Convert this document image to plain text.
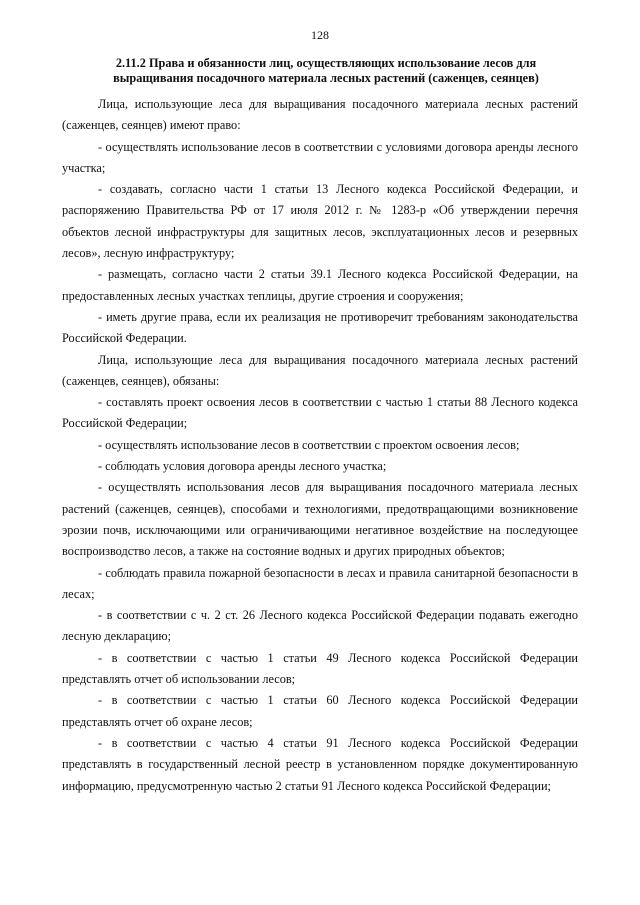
128
2.11.2 Права и обязанности лиц, осуществляющих использование лесов для
выращивания посадочного материала лесных растений (саженцев, сеянцев)

Лица, использующие леса для выращивания посадочного материала лесных растений (саженцев, сеянцев) имеют право:

- осуществлять использование лесов в соответствии с условиями договора аренды лесного участка;

- создавать, согласно части 1 статьи 13 Лесного кодекса Российской Федерации, и распоряжению Правительства РФ от 17 июля 2012 г. № 1283-р «Об утверждении перечня объектов лесной инфраструктуры для защитных лесов, эксплуатационных лесов и резервных лесов», лесную инфраструктуру;

- размещать, согласно части 2 статьи 39.1 Лесного кодекса Российской Федерации, на предоставленных лесных участках теплицы, другие строения и сооружения;

- иметь другие права, если их реализация не противоречит требованиям законодательства Российской Федерации.

Лица, использующие леса для выращивания посадочного материала лесных растений (саженцев, сеянцев), обязаны:

- составлять проект освоения лесов в соответствии с частью 1 статьи 88 Лесного кодекса Российской Федерации;

- осуществлять использование лесов в соответствии с проектом освоения лесов;

- соблюдать условия договора аренды лесного участка;

- осуществлять использования лесов для выращивания посадочного материала лесных растений (саженцев, сеянцев), способами и технологиями, предотвращающими возникновение эрозии почв, исключающими или ограничивающими негативное воздействие на последующее воспроизводство лесов, а также на состояние водных и других природных объектов;

- соблюдать правила пожарной безопасности в лесах и правила санитарной безопасности в лесах;

- в соответствии с ч. 2 ст. 26 Лесного кодекса Российской Федерации подавать ежегодно лесную декларацию;

- в соответствии с частью 1 статьи 49 Лесного кодекса Российской Федерации представлять отчет об использовании лесов;

- в соответствии с частью 1 статьи 60 Лесного кодекса Российской Федерации представлять отчет об охране лесов;

- в соответствии с частью 4 статьи 91 Лесного кодекса Российской Федерации представлять в государственный лесной реестр в установленном порядке документированную информацию, предусмотренную частью 2 статьи 91 Лесного кодекса Российской Федерации;
